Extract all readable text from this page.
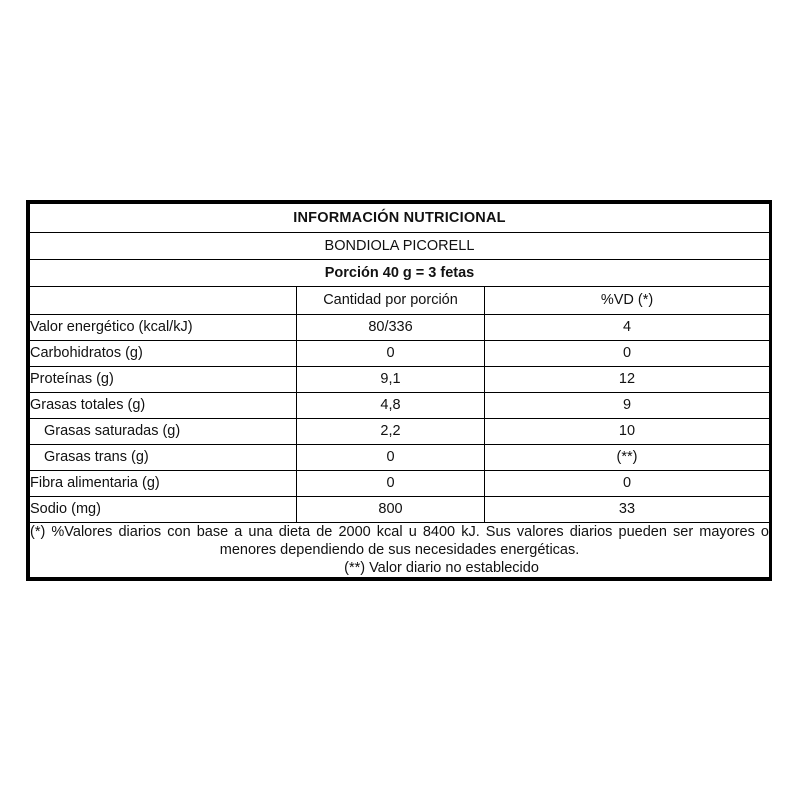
INFORMACIÓN NUTRICIONAL		
BONDIOLA PICORELL		
Porción 40 g = 3 fetas		
	Cantidad por porción	%VD (*)
Valor energético (kcal/kJ)	80/336	4
Carbohidratos (g)	0	0
Proteínas (g)	9,1	12
Grasas totales (g)	4,8	9
Grasas saturadas (g)	2,2	10
Grasas trans (g)	0	(**)
Fibra alimentaria (g)	0	0
Sodio (mg)	800	33

(*) %Valores diarios con base a una dieta de 2000 kcal u 8400 kJ. Sus valores diarios pueden ser mayores o menores dependiendo de sus necesidades energéticas.
(**) Valor diario no establecido		
